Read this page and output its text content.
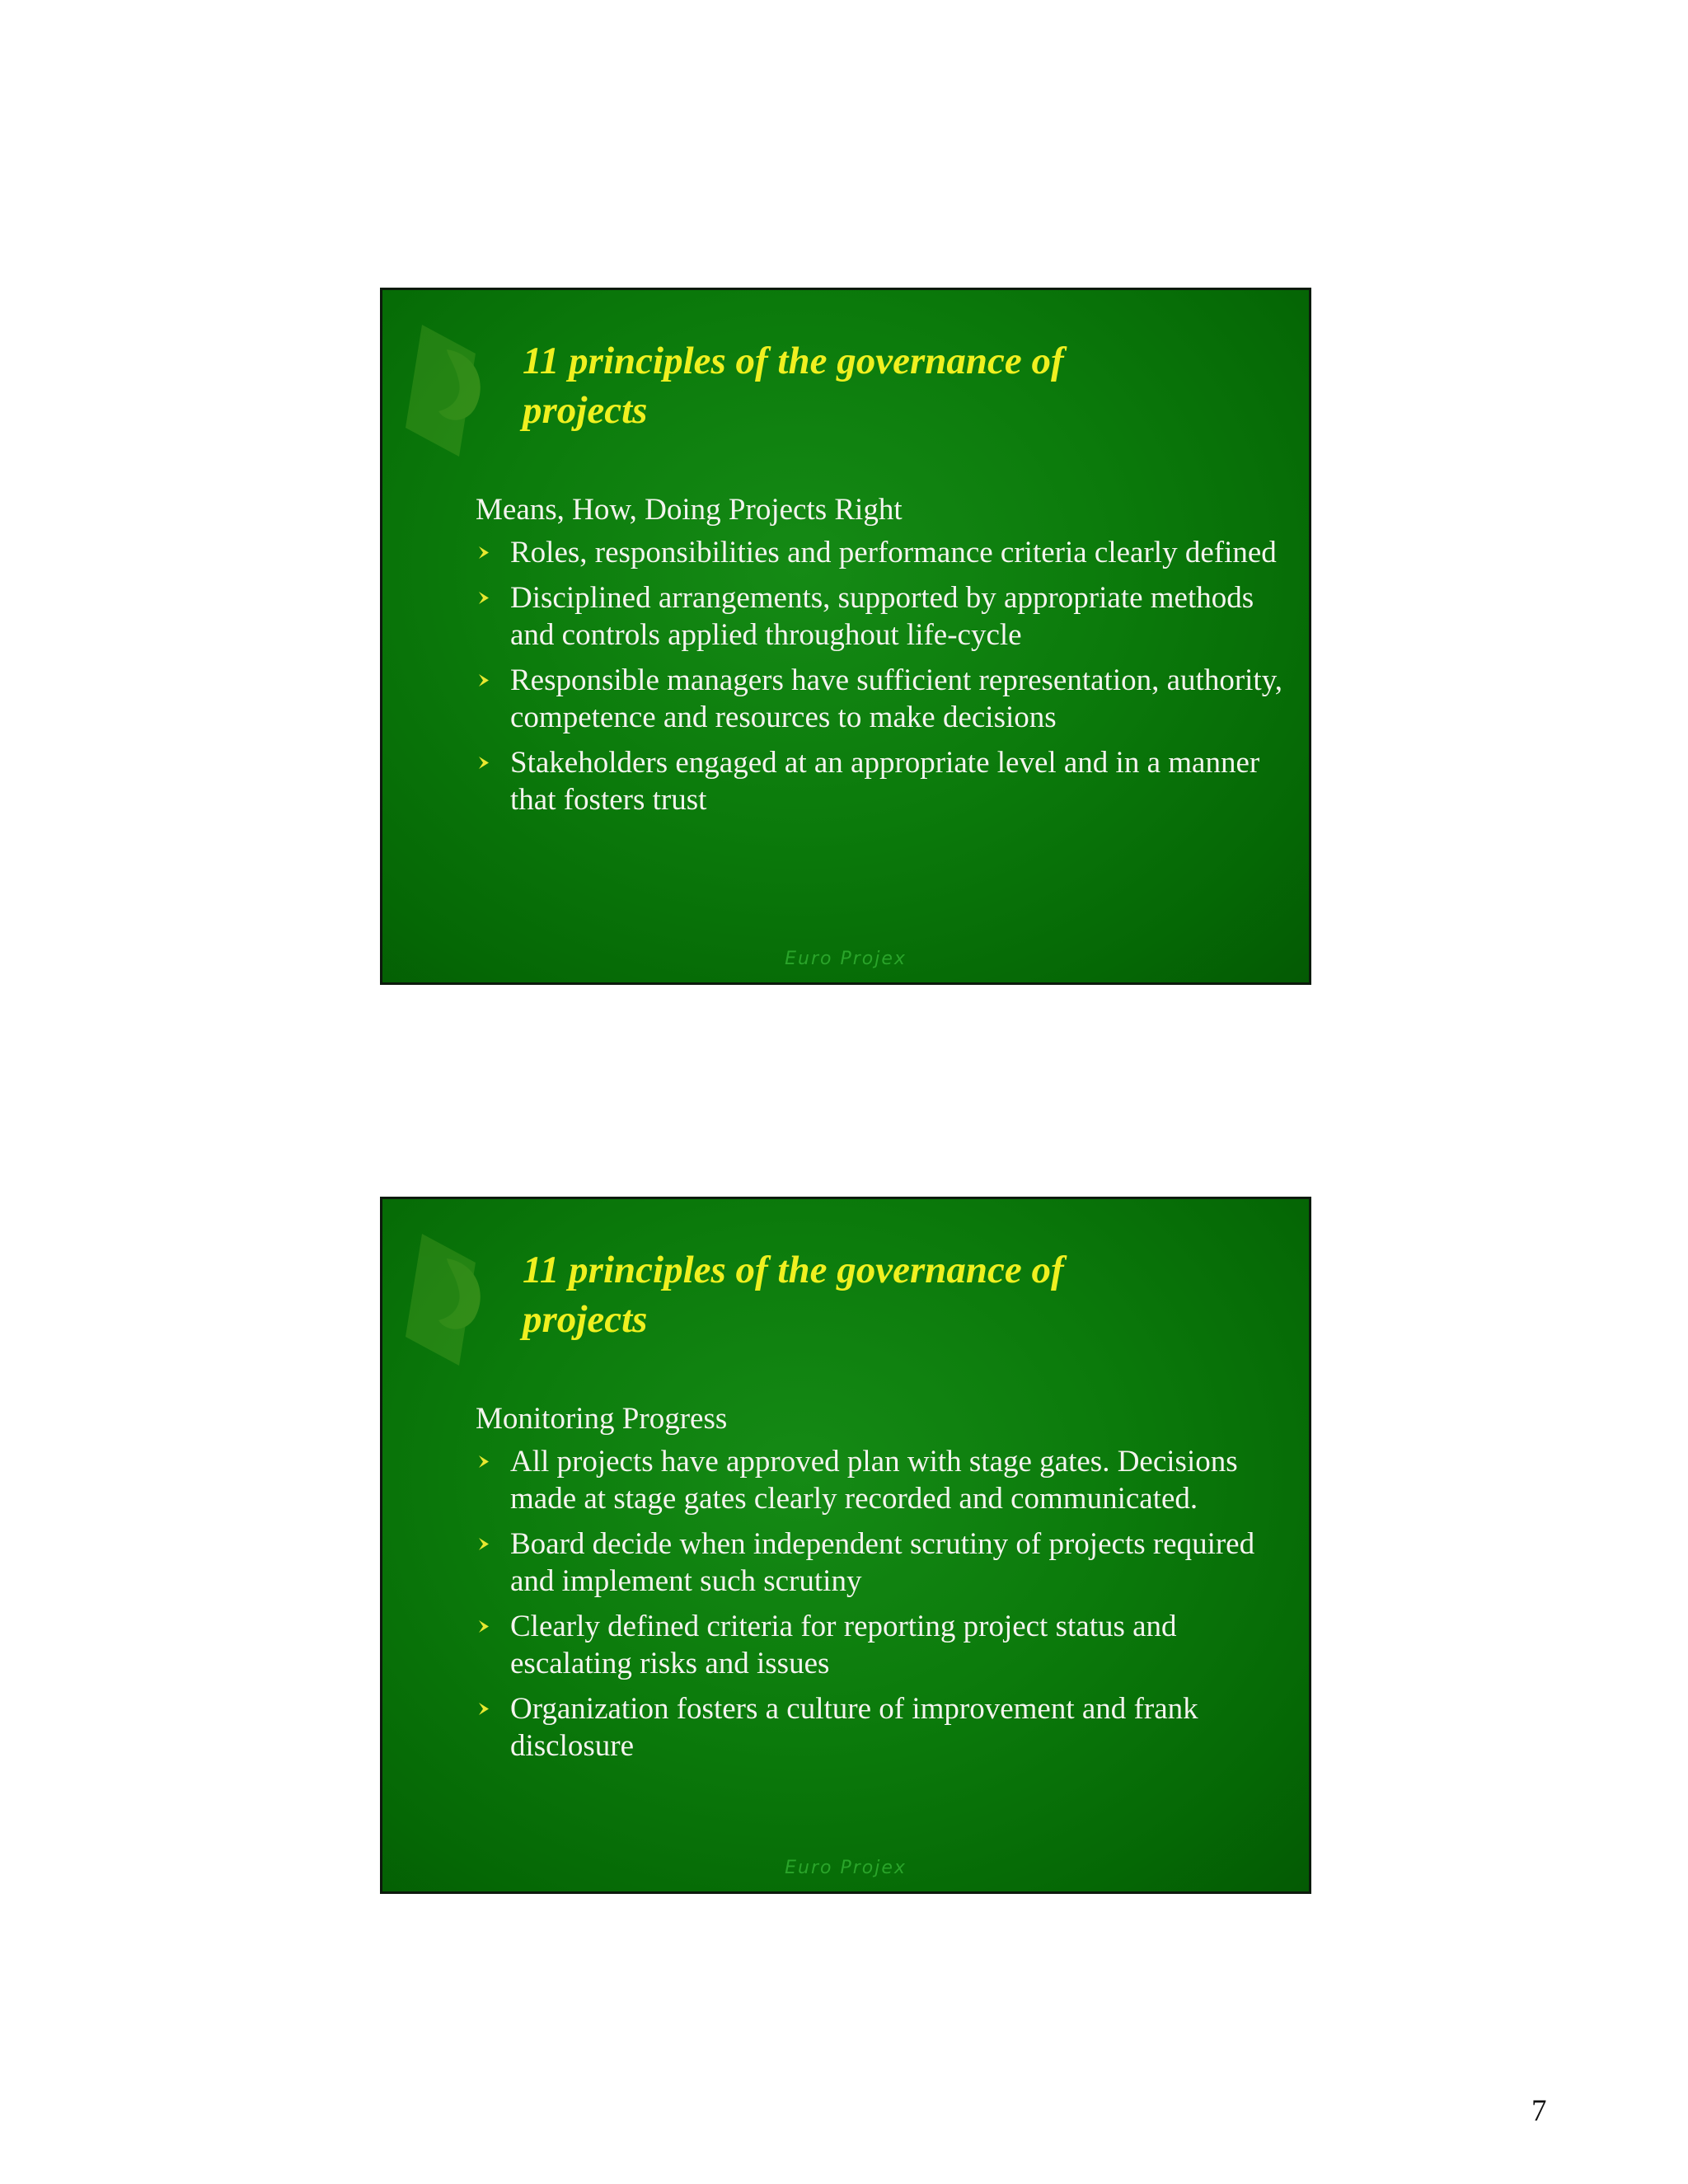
11 principles of the governance of
projects

Means, How, Doing Projects Right

Roles, responsibilities and performance criteria clearly defined
Disciplined arrangements, supported by appropriate methods and controls applied throughout life-cycle
Responsible managers have sufficient representation, authority, competence and resources to make decisions
Stakeholders engaged at an appropriate level and in a manner that fosters trust
Euro Projex
11 principles of the governance of
projects

Monitoring Progress

All projects have approved plan with stage gates. Decisions made at stage gates clearly recorded and communicated.
Board decide when independent scrutiny of projects required and implement such scrutiny
Clearly defined criteria for reporting project status and escalating risks and issues
Organization fosters a culture of improvement and frank disclosure
Euro Projex
7
